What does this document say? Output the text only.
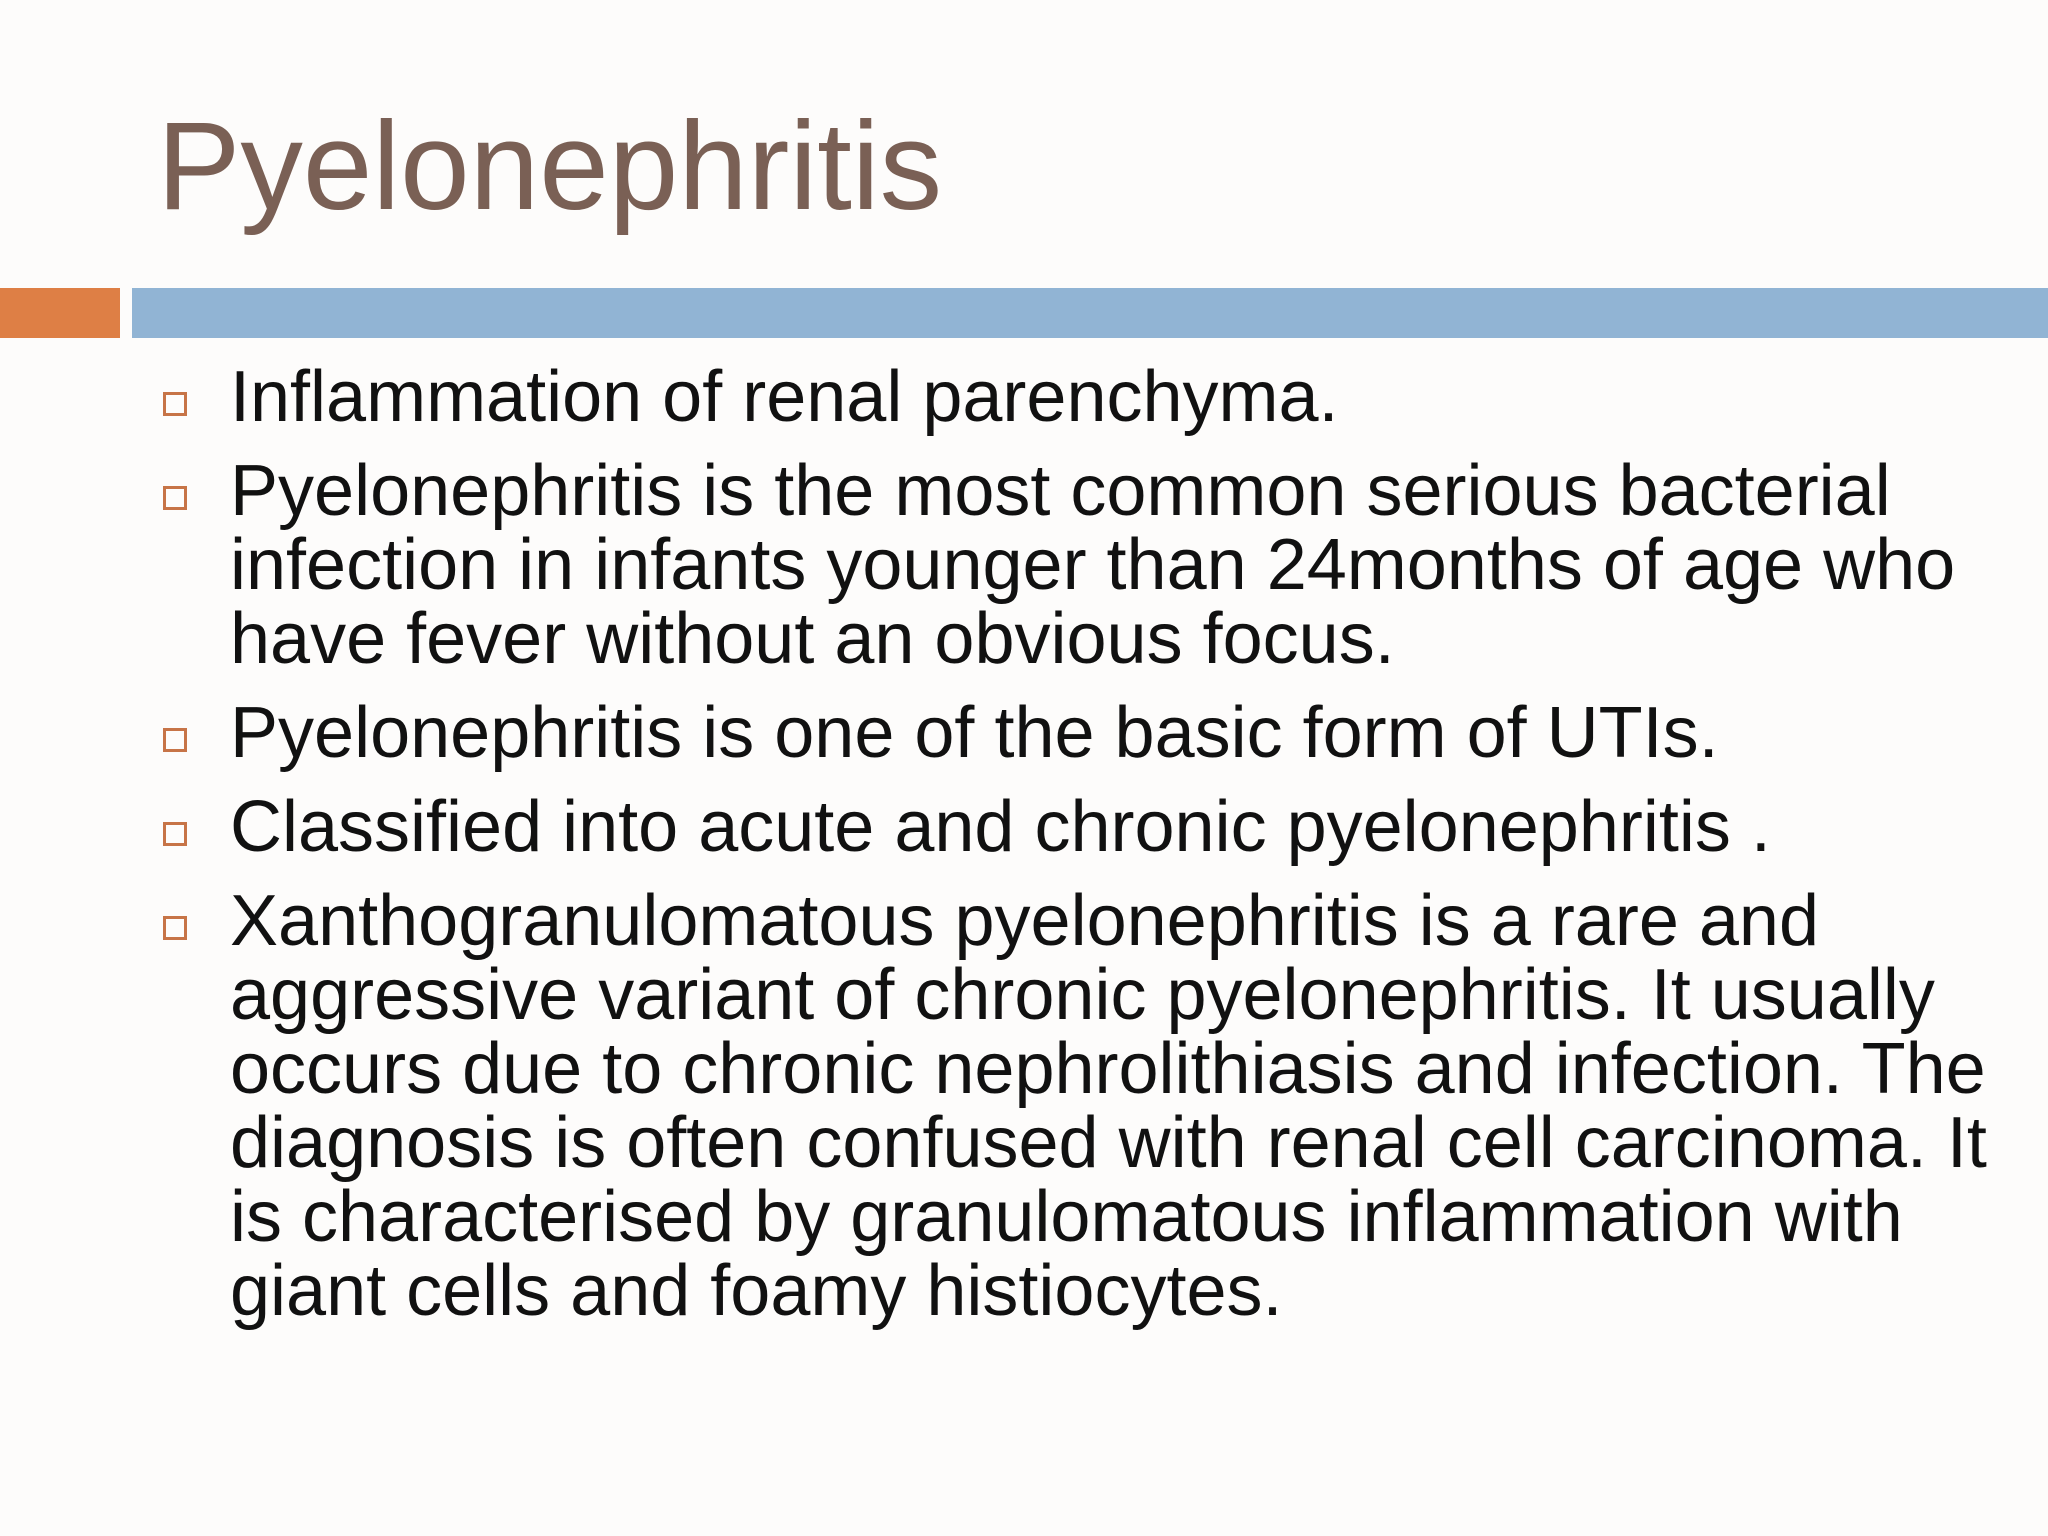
Pyelonephritis
Inflammation of renal parenchyma.
Pyelonephritis is the most common serious bacterial infection in infants younger than 24months of age who have fever without an obvious focus.
Pyelonephritis is one of the basic form of UTIs.
Classified into acute and chronic pyelonephritis .
Xanthogranulomatous pyelonephritis is a rare and aggressive variant of chronic pyelonephritis. It usually occurs due to chronic nephrolithiasis and infection. The diagnosis is often confused with renal cell carcinoma. It is characterised by granulomatous inflammation with giant cells and foamy histiocytes.
